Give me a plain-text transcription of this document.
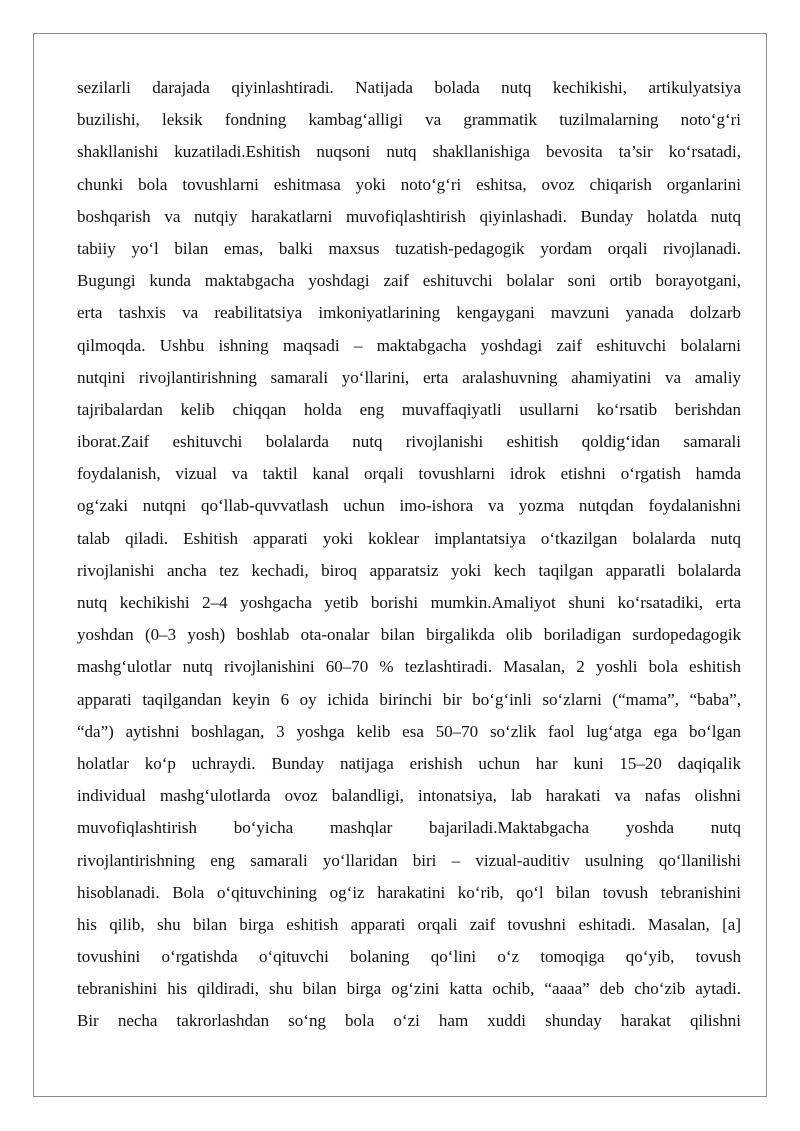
sezilarli darajada qiyinlashtiradi. Natijada bolada nutq kechikishi, artikulyatsiya
buzilishi, leksik fondning kambag‘alligi va grammatik tuzilmalarning noto‘g‘ri
shakllanishi kuzatiladi.Eshitish nuqsoni nutq shakllanishiga bevosita ta’sir ko‘rsatadi,
chunki bola tovushlarni eshitmasa yoki noto‘g‘ri eshitsa, ovoz chiqarish organlarini
boshqarish va nutqiy harakatlarni muvofiqlashtirish qiyinlashadi. Bunday holatda nutq
tabiiy yo‘l bilan emas, balki maxsus tuzatish-pedagogik yordam orqali rivojlanadi.
Bugungi kunda maktabgacha yoshdagi zaif eshituvchi bolalar soni ortib borayotgani,
erta tashxis va reabilitatsiya imkoniyatlarining kengaygani mavzuni yanada dolzarb
qilmoqda. Ushbu ishning maqsadi – maktabgacha yoshdagi zaif eshituvchi bolalarni
nutqini rivojlantirishning samarali yo‘llarini, erta aralashuvning ahamiyatini va amaliy
tajribalardan kelib chiqqan holda eng muvaffaqiyatli usullarni ko‘rsatib berishdan
iborat.Zaif eshituvchi bolalarda nutq rivojlanishi eshitish qoldig‘idan samarali
foydalanish, vizual va taktil kanal orqali tovushlarni idrok etishni o‘rgatish hamda
og‘zaki nutqni qo‘llab-quvvatlash uchun imo-ishora va yozma nutqdan foydalanishni
talab qiladi. Eshitish apparati yoki koklear implantatsiya o‘tkazilgan bolalarda nutq
rivojlanishi ancha tez kechadi, biroq apparatsiz yoki kech taqilgan apparatli bolalarda
nutq kechikishi 2–4 yoshgacha yetib borishi mumkin.Amaliyot shuni ko‘rsatadiki, erta
yoshdan (0–3 yosh) boshlab ota-onalar bilan birgalikda olib boriladigan surdopedagogik
mashg‘ulotlar nutq rivojlanishini 60–70 % tezlashtiradi. Masalan, 2 yoshli bola eshitish
apparati taqilgandan keyin 6 oy ichida birinchi bir bo‘g‘inli so‘zlarni (“mama”, “baba”,
“da”) aytishni boshlagan, 3 yoshga kelib esa 50–70 so‘zlik faol lug‘atga ega bo‘lgan
holatlar ko‘p uchraydi. Bunday natijaga erishish uchun har kuni 15–20 daqiqalik
individual mashg‘ulotlarda ovoz balandligi, intonatsiya, lab harakati va nafas olishni
muvofiqlashtirish bo‘yicha mashqlar bajariladi.Maktabgacha yoshda nutq
rivojlantirishning eng samarali yo‘llaridan biri – vizual-auditiv usulning qo‘llanilishi
hisoblanadi. Bola o‘qituvchining og‘iz harakatini ko‘rib, qo‘l bilan tovush tebranishini
his qilib, shu bilan birga eshitish apparati orqali zaif tovushni eshitadi. Masalan, [a]
tovushini o‘rgatishda o‘qituvchi bolaning qo‘lini o‘z tomoqiga qo‘yib, tovush
tebranishini his qildiradi, shu bilan birga og‘zini katta ochib, “aaaa” deb cho‘zib aytadi.
Bir necha takrorlashdan so‘ng bola o‘zi ham xuddi shunday harakat qilishni
